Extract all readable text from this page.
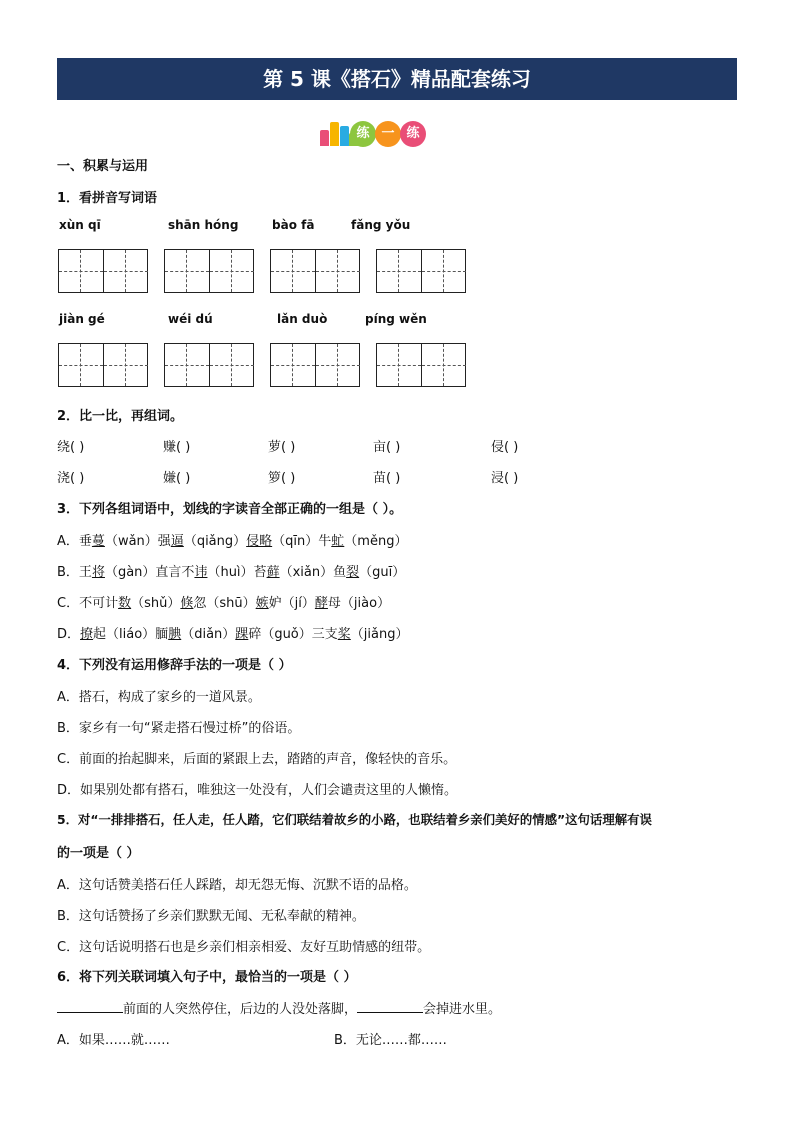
第 5 课《搭石》精品配套练习
练 一 练
一、积累与运用
1．看拼音写词语
xùn qī	shān hóng	bào fā	fǎng yǒu
jiàn gé	wéi dú	lǎn duò	píng wěn
2．比一比，再组词。
绕( )	赚( )	萝( )	亩( )	侵( )
浇( )	嫌( )	箩( )	苗( )	浸( )
3．下列各组词语中，划线的字读音全部正确的一组是（ ）。
A．垂蔓（wǎn）强逼（qiǎng）侵略（qīn）牛虻（měng）
B．王将（gàn）直言不讳（huì）苔藓（xiǎn）鱼裂（guī）
C．不可计数（shǔ）倏忽（shū）嫉妒（jí）酵母（jiào）
D．撩起（liáo）腼腆（diǎn）踝碎（guǒ）三支桨（jiǎng）
4．下列没有运用修辞手法的一项是（ ）
A．搭石，构成了家乡的一道风景。
B．家乡有一句“紧走搭石慢过桥”的俗语。
C．前面的抬起脚来，后面的紧跟上去，踏踏的声音，像轻快的音乐。
D．如果别处都有搭石，唯独这一处没有，人们会谴责这里的人懒惰。
5．对“一排排搭石，任人走，任人踏，它们联结着故乡的小路，也联结着乡亲们美好的情感”这句话理解有误
的一项是（ ）
A．这句话赞美搭石任人踩踏，却无怨无悔、沉默不语的品格。
B．这句话赞扬了乡亲们默默无闻、无私奉献的精神。
C．这句话说明搭石也是乡亲们相亲相爱、友好互助情感的纽带。
6．将下列关联词填入句子中，最恰当的一项是（ ）
前面的人突然停住，后边的人没处落脚，	会掉进水里。
A．如果……就……	B．无论……都……
